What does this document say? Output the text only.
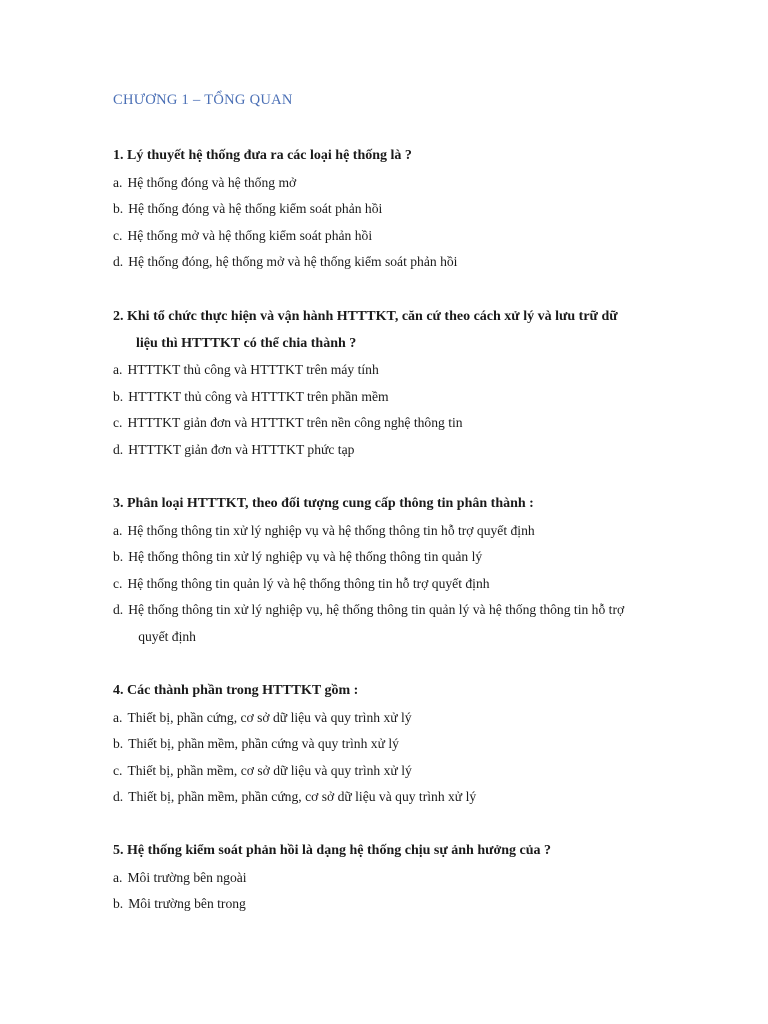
CHƯƠNG 1 – TỔNG QUAN

1. Lý thuyết hệ thống đưa ra các loại hệ thống là ?

a. Hệ thống đóng và hệ thống mở
b. Hệ thống đóng và hệ thống kiểm soát phản hồi
c. Hệ thống mở và hệ thống kiểm soát phản hồi
d. Hệ thống đóng, hệ thống mở và hệ thống kiểm soát phản hồi

2. Khi tổ chức thực hiện và vận hành HTTTKT, căn cứ theo cách xử lý và lưu trữ dữ
liệu thì HTTTKT có thể chia thành ?

a. HTTTKT thủ công và HTTTKT trên máy tính
b. HTTTKT thủ công và HTTTKT trên phần mềm
c. HTTTKT giản đơn và HTTTKT trên nền công nghệ thông tin
d. HTTTKT giản đơn và HTTTKT phức tạp

3. Phân loại HTTTKT, theo đối tượng cung cấp thông tin phân thành :

a. Hệ thống thông tin xử lý nghiệp vụ và hệ thống thông tin hỗ trợ quyết định
b. Hệ thống thông tin xử lý nghiệp vụ và hệ thống thông tin quản lý
c. Hệ thống thông tin quản lý và hệ thống thông tin hỗ trợ quyết định
d. Hệ thống thông tin xử lý nghiệp vụ, hệ thống thông tin quản lý và hệ thống thông tin hỗ trợ
quyết định

4. Các thành phần trong HTTTKT gồm :

a. Thiết bị, phần cứng, cơ sở dữ liệu và quy trình xử lý
b. Thiết bị, phần mềm, phần cứng và quy trình xử lý
c. Thiết bị, phần mềm, cơ sở dữ liệu và quy trình xử lý
d. Thiết bị, phần mềm, phần cứng, cơ sở dữ liệu và quy trình xử lý

5. Hệ thống kiểm soát phản hồi là dạng hệ thống chịu sự ảnh hưởng của ?

a. Môi trường bên ngoài
b. Môi trường bên trong
